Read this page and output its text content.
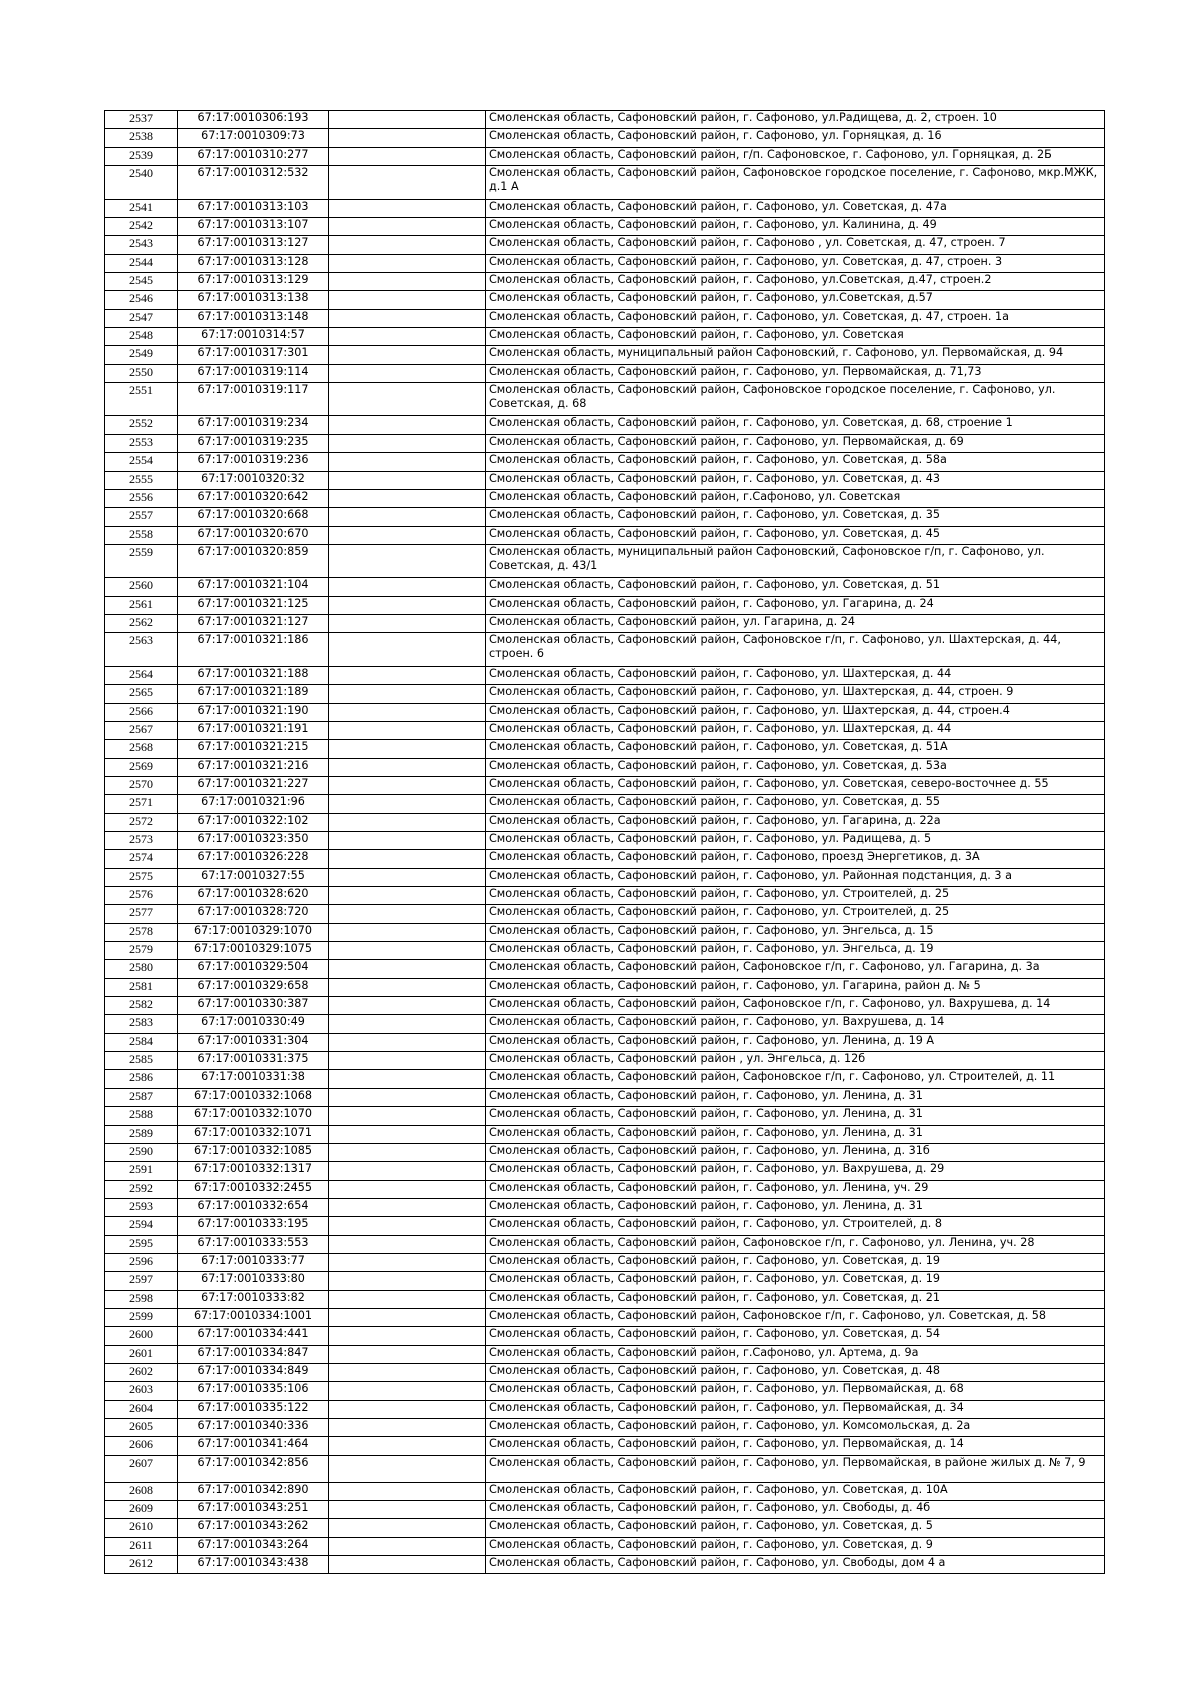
2537	67:17:0010306:193		Смоленская область, Сафоновский район, г. Сафоново, ул.Радищева, д. 2, строен. 10
2538	67:17:0010309:73		Смоленская область, Сафоновский район, г. Сафоново, ул. Горняцкая, д. 16
2539	67:17:0010310:277		Смоленская область, Сафоновский район, г/п. Сафоновское, г. Сафоново, ул. Горняцкая, д. 2Б
2540	67:17:0010312:532		Смоленская область, Сафоновский район, Сафоновское городское поселение, г. Сафоново, мкр.МЖК, д.1 А
2541	67:17:0010313:103		Смоленская область, Сафоновский район, г. Сафоново, ул. Советская, д. 47а
2542	67:17:0010313:107		Смоленская область, Сафоновский район, г. Сафоново, ул. Калинина, д. 49
2543	67:17:0010313:127		Смоленская область, Сафоновский район, г. Сафоново , ул. Советская, д. 47, строен. 7
2544	67:17:0010313:128		Смоленская область, Сафоновский район, г. Сафоново, ул. Советская, д. 47, строен. 3
2545	67:17:0010313:129		Смоленская область, Сафоновский район, г. Сафоново, ул.Советская, д.47, строен.2
2546	67:17:0010313:138		Смоленская область, Сафоновский район, г. Сафоново, ул.Советская, д.57
2547	67:17:0010313:148		Смоленская область, Сафоновский район, г. Сафоново, ул. Советская, д. 47, строен. 1а
2548	67:17:0010314:57		Смоленская область, Сафоновский район, г. Сафоново, ул. Советская
2549	67:17:0010317:301		Смоленская область, муниципальный район Сафоновский, г. Сафоново, ул. Первомайская, д. 94
2550	67:17:0010319:114		Смоленская область, Сафоновский район, г. Сафоново, ул. Первомайская, д. 71,73
2551	67:17:0010319:117		Смоленская область, Сафоновский район, Сафоновское городское поселение, г. Сафоново, ул. Советская, д. 68
2552	67:17:0010319:234		Смоленская область, Сафоновский район, г. Сафоново, ул. Советская, д. 68, строение 1
2553	67:17:0010319:235		Смоленская область, Сафоновский район, г. Сафоново, ул. Первомайская, д. 69
2554	67:17:0010319:236		Смоленская область, Сафоновский район, г. Сафоново, ул. Советская, д. 58а
2555	67:17:0010320:32		Смоленская область, Сафоновский район, г. Сафоново, ул. Советская, д. 43
2556	67:17:0010320:642		Смоленская область, Сафоновский район, г.Сафоново, ул. Советская
2557	67:17:0010320:668		Смоленская область, Сафоновский район, г. Сафоново, ул. Советская, д. 35
2558	67:17:0010320:670		Смоленская область, Сафоновский район, г. Сафоново, ул. Советская, д. 45
2559	67:17:0010320:859		Смоленская область, муниципальный район Сафоновский, Сафоновское г/п, г. Сафоново, ул. Советская, д. 43/1
2560	67:17:0010321:104		Смоленская область, Сафоновский район, г. Сафоново, ул. Советская, д. 51
2561	67:17:0010321:125		Смоленская область, Сафоновский район, г. Сафоново, ул. Гагарина, д. 24
2562	67:17:0010321:127		Смоленская область, Сафоновский район, ул. Гагарина, д. 24
2563	67:17:0010321:186		Смоленская область, Сафоновский район, Сафоновское г/п, г. Сафоново, ул. Шахтерская, д. 44, строен. 6
2564	67:17:0010321:188		Смоленская область, Сафоновский район, г. Сафоново, ул. Шахтерская, д. 44
2565	67:17:0010321:189		Смоленская область, Сафоновский район, г. Сафоново, ул. Шахтерская, д. 44, строен. 9
2566	67:17:0010321:190		Смоленская область, Сафоновский район, г. Сафоново, ул. Шахтерская, д. 44, строен.4
2567	67:17:0010321:191		Смоленская область, Сафоновский район, г. Сафоново, ул. Шахтерская, д. 44
2568	67:17:0010321:215		Смоленская область, Сафоновский район, г. Сафоново, ул. Советская, д. 51А
2569	67:17:0010321:216		Смоленская область, Сафоновский район, г. Сафоново, ул. Советская, д. 53а
2570	67:17:0010321:227		Смоленская область, Сафоновский район, г. Сафоново, ул. Советская, северо-восточнее д. 55
2571	67:17:0010321:96		Смоленская область, Сафоновский район, г. Сафоново, ул. Советская, д. 55
2572	67:17:0010322:102		Смоленская область, Сафоновский район, г. Сафоново, ул. Гагарина, д. 22а
2573	67:17:0010323:350		Смоленская область, Сафоновский район, г. Сафоново, ул. Радищева, д. 5
2574	67:17:0010326:228		Смоленская область, Сафоновский район, г. Сафоново, проезд Энергетиков, д. 3А
2575	67:17:0010327:55		Смоленская область, Сафоновский район, г. Сафоново, ул. Районная подстанция, д. 3 а
2576	67:17:0010328:620		Смоленская область, Сафоновский район, г. Сафоново, ул. Строителей, д. 25
2577	67:17:0010328:720		Смоленская область, Сафоновский район, г. Сафоново, ул. Строителей, д. 25
2578	67:17:0010329:1070		Смоленская область, Сафоновский район, г. Сафоново, ул. Энгельса, д. 15
2579	67:17:0010329:1075		Смоленская область, Сафоновский район, г. Сафоново, ул. Энгельса, д. 19
2580	67:17:0010329:504		Смоленская область, Сафоновский район, Сафоновское г/п, г. Сафоново, ул. Гагарина, д. 3а
2581	67:17:0010329:658		Смоленская область, Сафоновский район, г. Сафоново, ул. Гагарина, район д. № 5
2582	67:17:0010330:387		Смоленская область, Сафоновский район, Сафоновское г/п, г. Сафоново, ул. Вахрушева, д. 14
2583	67:17:0010330:49		Смоленская область, Сафоновский район, г. Сафоново, ул. Вахрушева, д. 14
2584	67:17:0010331:304		Смоленская область, Сафоновский район, г. Сафоново, ул. Ленина, д. 19 А
2585	67:17:0010331:375		Смоленская область, Сафоновский район , ул. Энгельса, д. 12б
2586	67:17:0010331:38		Смоленская область, Сафоновский район, Сафоновское г/п, г. Сафоново, ул. Строителей, д. 11
2587	67:17:0010332:1068		Смоленская область, Сафоновский район, г. Сафоново, ул. Ленина, д. 31
2588	67:17:0010332:1070		Смоленская область, Сафоновский район, г. Сафоново, ул. Ленина, д. 31
2589	67:17:0010332:1071		Смоленская область, Сафоновский район, г. Сафоново, ул. Ленина, д. 31
2590	67:17:0010332:1085		Смоленская область, Сафоновский район, г. Сафоново, ул. Ленина, д. 31б
2591	67:17:0010332:1317		Смоленская область, Сафоновский район, г. Сафоново, ул. Вахрушева, д. 29
2592	67:17:0010332:2455		Смоленская область, Сафоновский район, г. Сафоново, ул. Ленина, уч. 29
2593	67:17:0010332:654		Смоленская область, Сафоновский район, г. Сафоново, ул. Ленина, д. 31
2594	67:17:0010333:195		Смоленская область, Сафоновский район, г. Сафоново, ул. Строителей, д. 8
2595	67:17:0010333:553		Смоленская область, Сафоновский район, Сафоновское г/п, г. Сафоново, ул. Ленина, уч. 28
2596	67:17:0010333:77		Смоленская область, Сафоновский район, г. Сафоново, ул. Советская, д. 19
2597	67:17:0010333:80		Смоленская область, Сафоновский район, г. Сафоново, ул. Советская, д. 19
2598	67:17:0010333:82		Смоленская область, Сафоновский район, г. Сафоново, ул. Советская, д. 21
2599	67:17:0010334:1001		Смоленская область, Сафоновский район, Сафоновское г/п, г. Сафоново, ул. Советская, д. 58
2600	67:17:0010334:441		Смоленская область, Сафоновский район, г. Сафоново, ул. Советская, д. 54
2601	67:17:0010334:847		Смоленская область, Сафоновский район, г.Сафоново, ул. Артема, д. 9а
2602	67:17:0010334:849		Смоленская область, Сафоновский район, г. Сафоново, ул. Советская, д. 48
2603	67:17:0010335:106		Смоленская область, Сафоновский район, г. Сафоново, ул. Первомайская, д. 68
2604	67:17:0010335:122		Смоленская область, Сафоновский район, г. Сафоново, ул. Первомайская, д. 34
2605	67:17:0010340:336		Смоленская область, Сафоновский район, г. Сафоново, ул. Комсомольская, д. 2а
2606	67:17:0010341:464		Смоленская область, Сафоновский район, г. Сафоново, ул. Первомайская, д. 14
2607	67:17:0010342:856		Смоленская область, Сафоновский район, г. Сафоново, ул. Первомайская, в районе жилых д. № 7, 9
2608	67:17:0010342:890		Смоленская область, Сафоновский район, г. Сафоново, ул. Советская, д. 10А
2609	67:17:0010343:251		Смоленская область, Сафоновский район, г. Сафоново, ул. Свободы, д. 4б
2610	67:17:0010343:262		Смоленская область, Сафоновский район, г. Сафоново, ул. Советская, д. 5
2611	67:17:0010343:264		Смоленская область, Сафоновский район, г. Сафоново, ул. Советская, д. 9
2612	67:17:0010343:438		Смоленская область, Сафоновский район, г. Сафоново, ул. Свободы, дом 4 а
